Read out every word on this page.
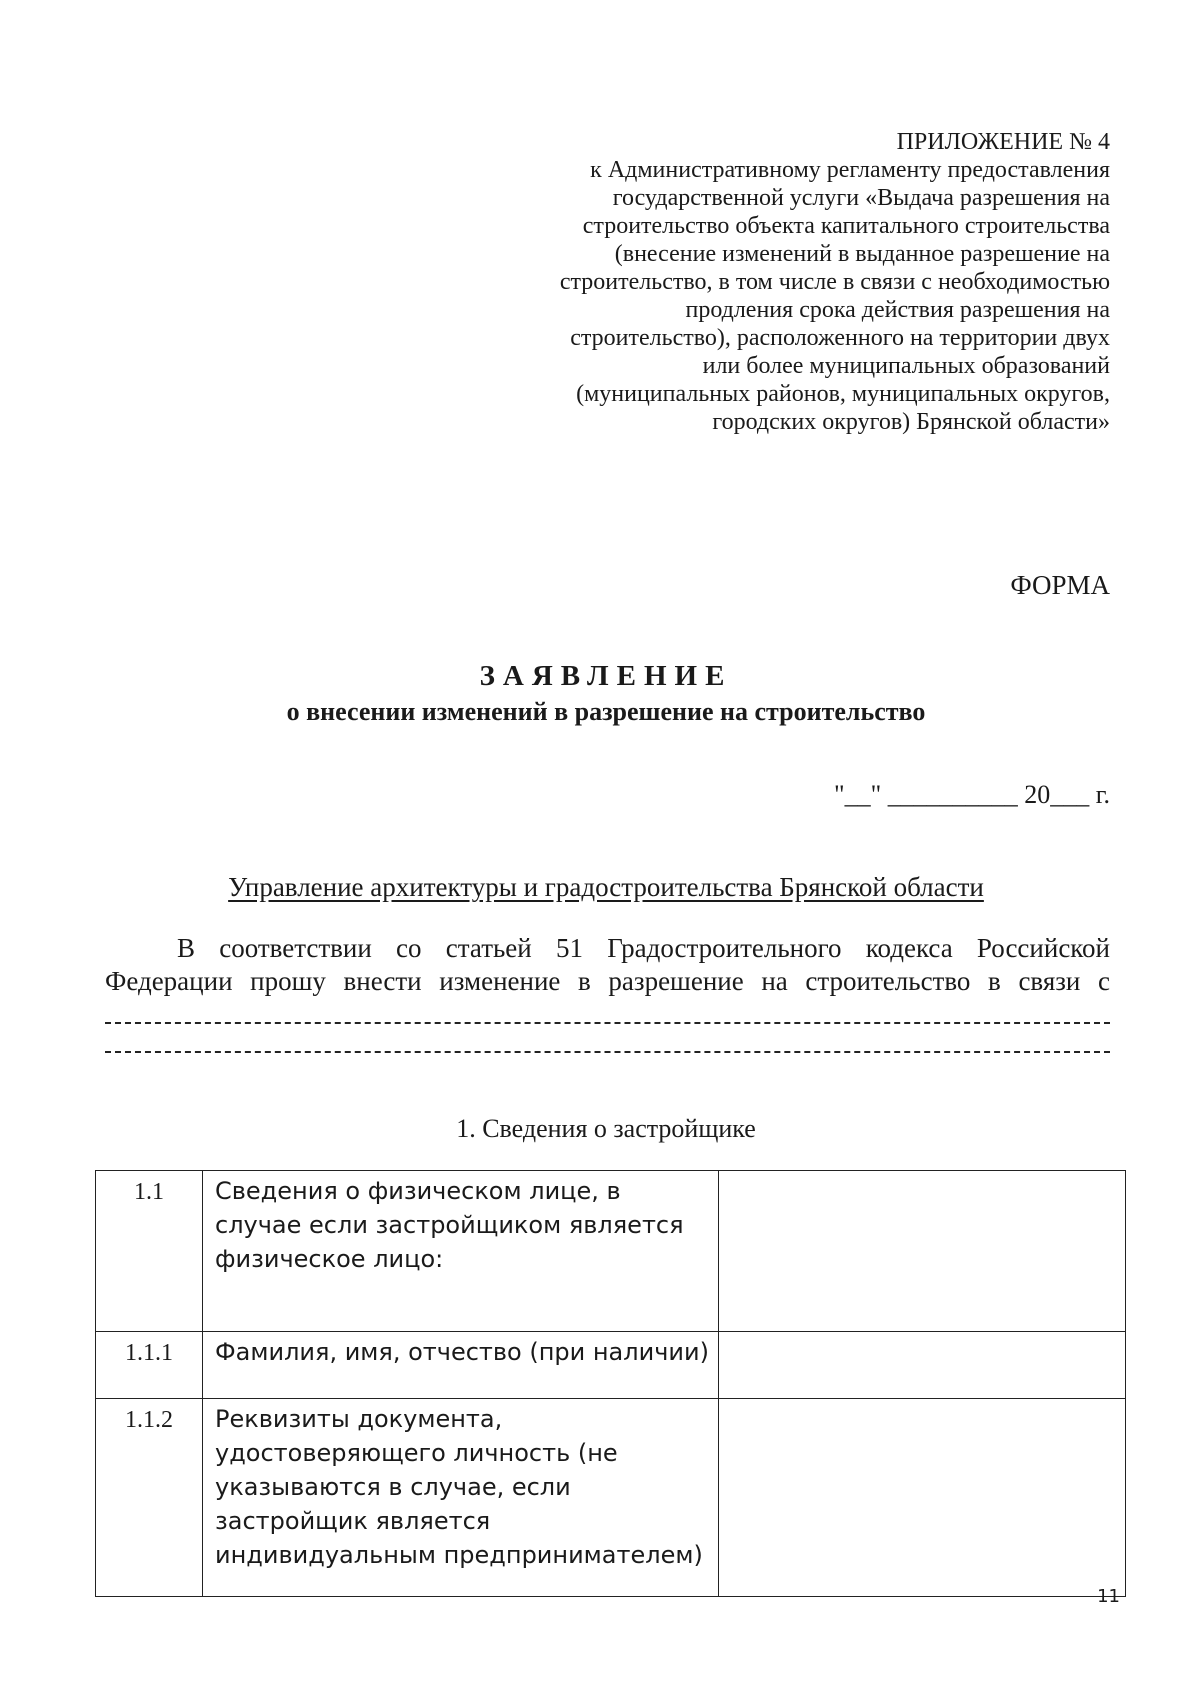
ПРИЛОЖЕНИЕ № 4
к Административному регламенту предоставления
государственной услуги «Выдача разрешения на
строительство объекта капитального строительства
(внесение изменений в выданное разрешение на
строительство, в том числе в связи с необходимостью
продления срока действия разрешения на
строительство), расположенного на территории двух
или более муниципальных образований
(муниципальных районов, муниципальных округов,
городских округов) Брянской области»
ФОРМА
ЗАЯВЛЕНИЕ
о внесении изменений в разрешение на строительство
"__" __________ 20___ г.
Управление архитектуры и градостроительства Брянской области

В соответствии со статьей 51 Градостроительного кодекса Российской Федерации прошу внести изменение в разрешение на строительство в связи с

1. Сведения о застройщике
1.1	Сведения о физическом лице, в случае если застройщиком является физическое лицо:	
1.1.1	Фамилия, имя, отчество (при наличии)	
1.1.2	Реквизиты документа, удостоверяющего личность (не указываются в случае, если застройщик является индивидуальным предпринимателем)	
11
